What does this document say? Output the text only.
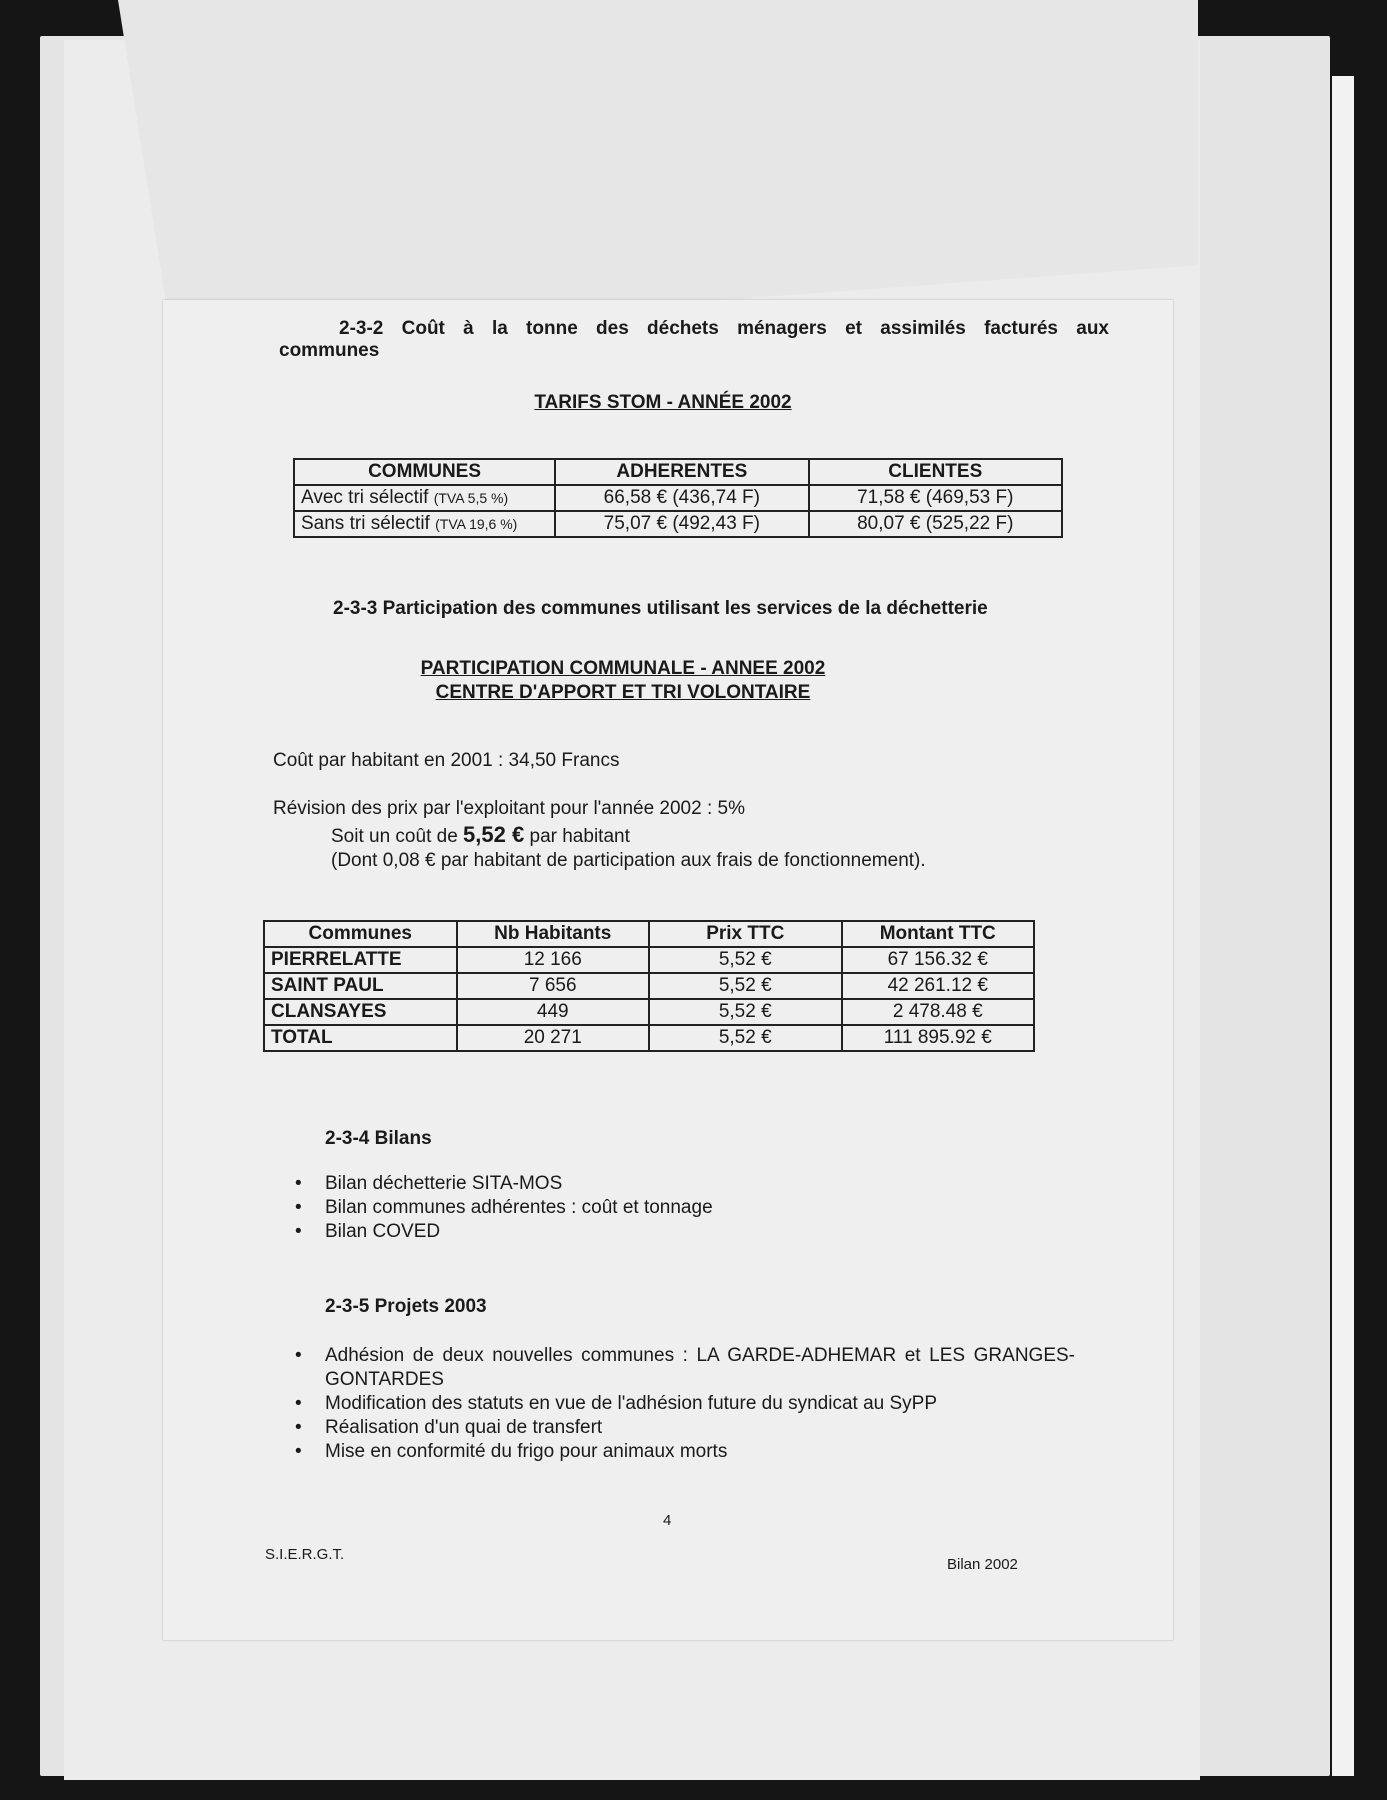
2-3-2 Coût à la tonne des déchets ménagers et assimilés facturés aux
communes
TARIFS STOM - ANNÉE 2002
COMMUNES	ADHERENTES	CLIENTES
Avec tri sélectif (TVA 5,5 %)	66,58 € (436,74 F)	71,58 € (469,53 F)
Sans tri sélectif (TVA 19,6 %)	75,07 € (492,43 F)	80,07 € (525,22 F)
2-3-3 Participation des communes utilisant les services de la déchetterie
PARTICIPATION COMMUNALE - ANNEE 2002
CENTRE D'APPORT ET TRI VOLONTAIRE
Coût par habitant en 2001 : 34,50 Francs
Révision des prix par l'exploitant pour l'année 2002 : 5%
Soit un coût de 5,52 € par habitant
(Dont 0,08 € par habitant de participation aux frais de fonctionnement).
Communes	Nb Habitants	Prix TTC	Montant TTC
PIERRELATTE	12 166	5,52 €	67 156.32 €
SAINT PAUL	7 656	5,52 €	42 261.12 €
CLANSAYES	449	5,52 €	2 478.48 €
TOTAL	20 271	5,52 €	111 895.92 €
2-3-4 Bilans
• Bilan déchetterie SITA-MOS
• Bilan communes adhérentes : coût et tonnage
• Bilan COVED
2-3-5 Projets 2003
• Adhésion de deux nouvelles communes : LA GARDE-ADHEMAR et LES GRANGES-GONTARDES
• Modification des statuts en vue de l'adhésion future du syndicat au SyPP
• Réalisation d'un quai de transfert
• Mise en conformité du frigo pour animaux morts
4
S.I.E.R.G.T.
Bilan 2002
